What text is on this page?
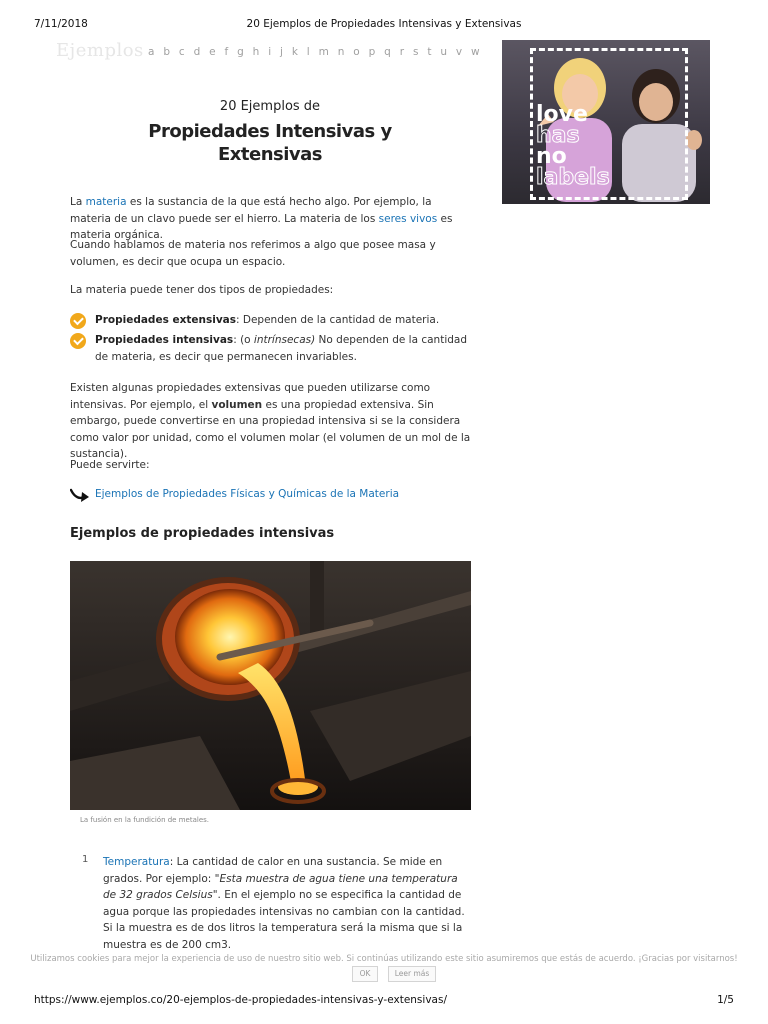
7/11/2018	20 Ejemplos de Propiedades Intensivas y Extensivas
Ejemplos a b c d e f g h i j k l m n o p q r s t u v w
love
has
no
labels
20 Ejemplos de
Propiedades Intensivas y
Extensivas
La materia es la sustancia de la que está hecho algo. Por ejemplo, la materia de un clavo puede ser el hierro. La materia de los seres vivos es materia orgánica.
Cuando hablamos de materia nos referimos a algo que posee masa y volumen, es decir que ocupa un espacio.
La materia puede tener dos tipos de propiedades:
Propiedades extensivas: Dependen de la cantidad de materia.
Propiedades intensivas: (o intrínsecas) No dependen de la cantidad de materia, es decir que permanecen invariables.
Existen algunas propiedades extensivas que pueden utilizarse como intensivas. Por ejemplo, el volumen es una propiedad extensiva. Sin embargo, puede convertirse en una propiedad intensiva si se la considera como valor por unidad, como el volumen molar (el volumen de un mol de la sustancia).
Puede servirte:
Ejemplos de Propiedades Físicas y Químicas de la Materia
Ejemplos de propiedades intensivas
La fusión en la fundición de metales.
1 Temperatura: La cantidad de calor en una sustancia. Se mide en grados. Por ejemplo: "Esta muestra de agua tiene una temperatura de 32 grados Celsius". En el ejemplo no se especifica la cantidad de agua porque las propiedades intensivas no cambian con la cantidad. Si la muestra es de dos litros la temperatura será la misma que si la muestra es de 200 cm3.
Utilizamos cookies para mejor la experiencia de uso de nuestro sitio web. Si continúas utilizando este sitio asumiremos que estás de acuerdo. ¡Gracias por visitarnos!
OK	Leer más
https://www.ejemplos.co/20-ejemplos-de-propiedades-intensivas-y-extensivas/	1/5
